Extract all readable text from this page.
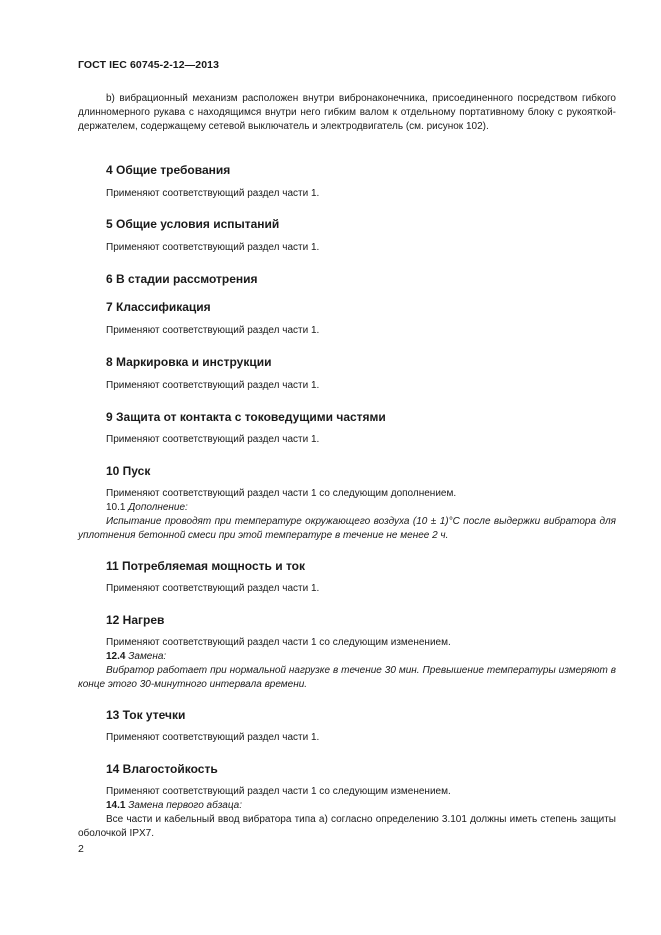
ГОСТ IEC 60745-2-12—2013

b) вибрационный механизм расположен внутри вибронаконечника, присоединенного посредством гибкого длинномерного рукава с находящимся внутри него гибким валом к отдельному портативному блоку с рукояткой-держателем, содержащему сетевой выключатель и электродвигатель (см. рисунок 102).

4 Общие требования
Применяют соответствующий раздел части 1.
5 Общие условия испытаний
Применяют соответствующий раздел части 1.
6 В стадии рассмотрения
7 Классификация
Применяют соответствующий раздел части 1.
8 Маркировка и инструкции
Применяют соответствующий раздел части 1.
9 Защита от контакта с токоведущими частями
Применяют соответствующий раздел части 1.
10 Пуск
Применяют соответствующий раздел части 1 со следующим дополнением.
10.1 Дополнение:
Испытание проводят при температуре окружающего воздуха (10 ± 1)°С после выдержки вибратора для уплотнения бетонной смеси при этой температуре в течение не менее 2 ч.
11 Потребляемая мощность и ток
Применяют соответствующий раздел части 1.
12 Нагрев
Применяют соответствующий раздел части 1 со следующим изменением.
12.4 Замена:
Вибратор работает при нормальной нагрузке в течение 30 мин. Превышение температуры измеряют в конце этого 30-минутного интервала времени.
13 Ток утечки
Применяют соответствующий раздел части 1.
14 Влагостойкость
Применяют соответствующий раздел части 1 со следующим изменением.
14.1 Замена первого абзаца:
Все части и кабельный ввод вибратора типа а) согласно определению 3.101 должны иметь степень защиты оболочкой IPX7.
2
